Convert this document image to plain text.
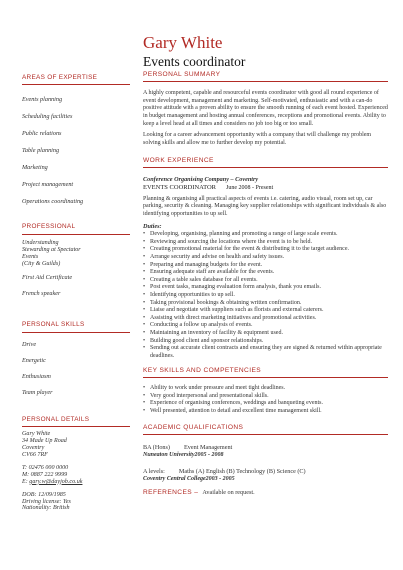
Gary White
Events coordinator
AREAS OF EXPERTISE
Events planning
Scheduling facilities
Public relations
Table planning
Marketing
Project management
Operations coordinating
PROFESSIONAL
Understanding
Stewarding at Spectator
Events
(City & Guilds)
First Aid Certificate
French speaker
PERSONAL SKILLS
Drive
Energetic
Enthusiasm
Team player
PERSONAL DETAILS
Gary White
34 Made Up Road
Coventry
CV66 7RF
T: 02476 000 0000
M: 0887 222 9999
E: gary.w@dayjob.co.uk
DOB: 12/09/1985
Driving license: Yes
Nationality: British
PERSONAL SUMMARY

A highly competent, capable and resourceful events coordinator with good all round experience of event development, management and marketing. Self-motivated, enthusiastic and with a can-do positive attitude with a proven ability to ensure the smooth running of each event hosted. Experienced in budget management and hosting annual conferences, receptions and promotional events. Ability to keep a level head at all times and considers no job too big or too small.

Looking for a career advancement opportunity with a company that will challenge my problem solving skills and allow me to further develop my potential.

WORK EXPERIENCE
Conference Organising Company – Coventry
EVENTS COORDINATOR June 2008 - Present

Planning & organising all practical aspects of events i.e. catering, audio visual, room set up, car parking, security & cleaning. Managing key supplier relationships with significant individuals & also identifying opportunities to up sell.

Duties:
• Developing, organising, planning and promoting a range of large scale events.
• Reviewing and sourcing the locations where the event is to be held.
• Creating promotional material for the event & distributing it to the target audience.
• Arrange security and advise on health and safety issues.
• Preparing and managing budgets for the event.
• Ensuring adequate staff are available for the events.
• Creating a table sales database for all events.
• Post event tasks, managing evaluation form analysis, thank you emails.
• Identifying opportunities to up sell.
• Taking provisional bookings & obtaining written confirmation.
• Liaise and negotiate with suppliers such as florists and external caterers.
• Assisting with direct marketing initiatives and promotional activities.
• Conducting a follow up analysis of events.
• Maintaining an inventory of facility & equipment used.
• Building good client and sponsor relationships.
• Sending out accurate client contracts and ensuring they are signed & returned within appropriate deadlines.
KEY SKILLS AND COMPETENCIES
• Ability to work under pressure and meet tight deadlines.
• Very good interpersonal and presentational skills.
• Experience of organising conferences, weddings and banqueting events.
• Well presented, attention to detail and excellent time management skill.
ACADEMIC QUALIFICATIONS
BA (Hons) Event Management
Nuneaton University2005 - 2008
A levels: Maths (A) English (B) Technology (B) Science (C)
Coventry Central College2003 - 2005
REFERENCES – Available on request.
